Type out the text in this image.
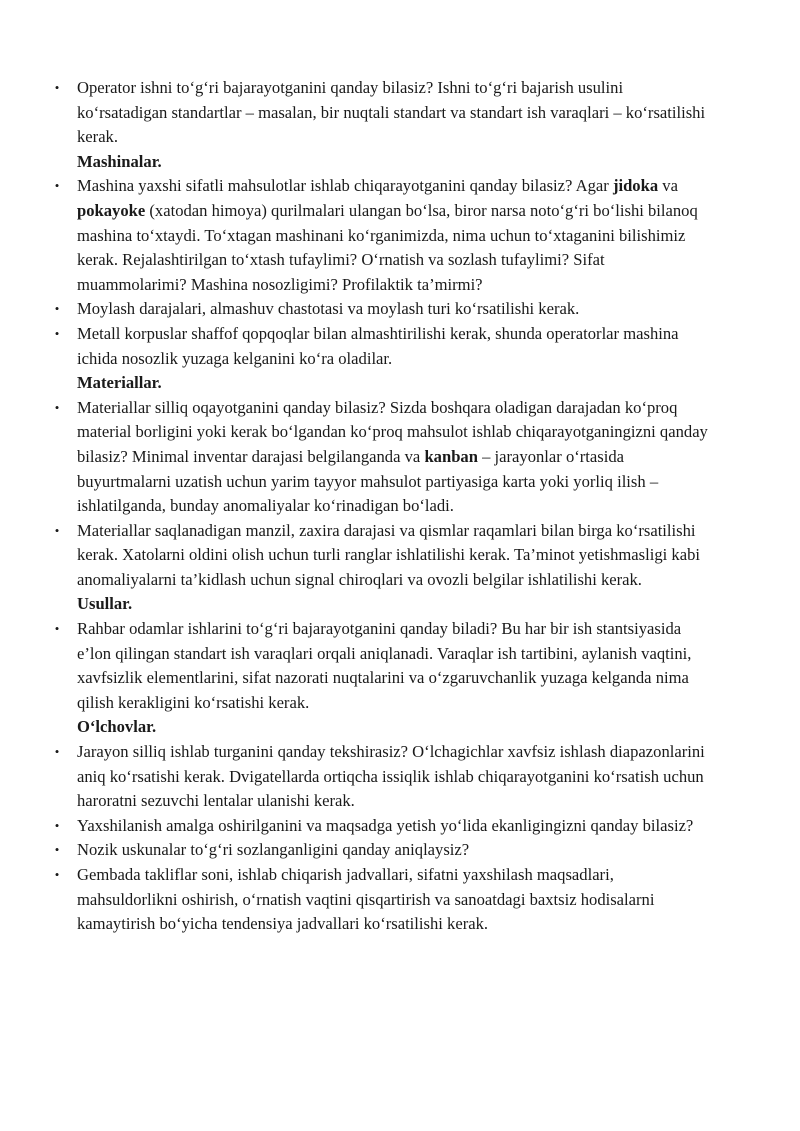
• Operator ishni to‘g‘ri bajarayotganini qanday bilasiz? Ishni to‘g‘ri bajarish usulini ko‘rsatadigan standartlar – masalan, bir nuqtali standart va standart ish varaqlari – ko‘rsatilishi kerak.
Mashinalar.
• Mashina yaxshi sifatli mahsulotlar ishlab chiqarayotganini qanday bilasiz? Agar jidoka va pokayoke (xatodan himoya) qurilmalari ulangan bo‘lsa, biror narsa noto‘g‘ri bo‘lishi bilanoq mashina to‘xtaydi. To‘xtagan mashinani ko‘rganimizda, nima uchun to‘xtaganini bilishimiz kerak. Rejalashtirilgan to‘xtash tufaylimi? O‘rnatish va sozlash tufaylimi? Sifat muammolarimi? Mashina nosozligimi? Profilaktik ta’mirmi?
• Moylash darajalari, almashuv chastotasi va moylash turi ko‘rsatilishi kerak.
• Metall korpuslar shaffof qopqoqlar bilan almashtirilishi kerak, shunda operatorlar mashina ichida nosozlik yuzaga kelganini ko‘ra oladilar.
Materiallar.
• Materiallar silliq oqayotganini qanday bilasiz? Sizda boshqara oladigan darajadan ko‘proq material borligini yoki kerak bo‘lgandan ko‘proq mahsulot ishlab chiqarayotganingizni qanday bilasiz? Minimal inventar darajasi belgilanganda va kanban – jarayonlar o‘rtasida buyurtmalarni uzatish uchun yarim tayyor mahsulot partiyasiga karta yoki yorliq ilish – ishlatilganda, bunday anomaliyalar ko‘rinadigan bo‘ladi.
• Materiallar saqlanadigan manzil, zaxira darajasi va qismlar raqamlari bilan birga ko‘rsatilishi kerak. Xatolarni oldini olish uchun turli ranglar ishlatilishi kerak. Ta’minot yetishmasligi kabi anomaliyalarni ta’kidlash uchun signal chiroqlari va ovozli belgilar ishlatilishi kerak.
Usullar.
• Rahbar odamlar ishlarini to‘g‘ri bajarayotganini qanday biladi? Bu har bir ish stantsiyasida e’lon qilingan standart ish varaqlari orqali aniqlanadi. Varaqlar ish tartibini, aylanish vaqtini, xavfsizlik elementlarini, sifat nazorati nuqtalarini va o‘zgaruvchanlik yuzaga kelganda nima qilish kerakligini ko‘rsatishi kerak.
O‘lchovlar.
• Jarayon silliq ishlab turganini qanday tekshirasiz? O‘lchagichlar xavfsiz ishlash diapazonlarini aniq ko‘rsatishi kerak. Dvigatellarda ortiqcha issiqlik ishlab chiqarayotganini ko‘rsatish uchun haroratni sezuvchi lentalar ulanishi kerak.
• Yaxshilanish amalga oshirilganini va maqsadga yetish yo‘lida ekanligingizni qanday bilasiz?
• Nozik uskunalar to‘g‘ri sozlanganligini qanday aniqlaysiz?
• Gembada takliflar soni, ishlab chiqarish jadvallari, sifatni yaxshilash maqsadlari, mahsuldorlikni oshirish, o‘rnatish vaqtini qisqartirish va sanoatdagi baxtsiz hodisalarni kamaytirish bo‘yicha tendensiya jadvallari ko‘rsatilishi kerak.
